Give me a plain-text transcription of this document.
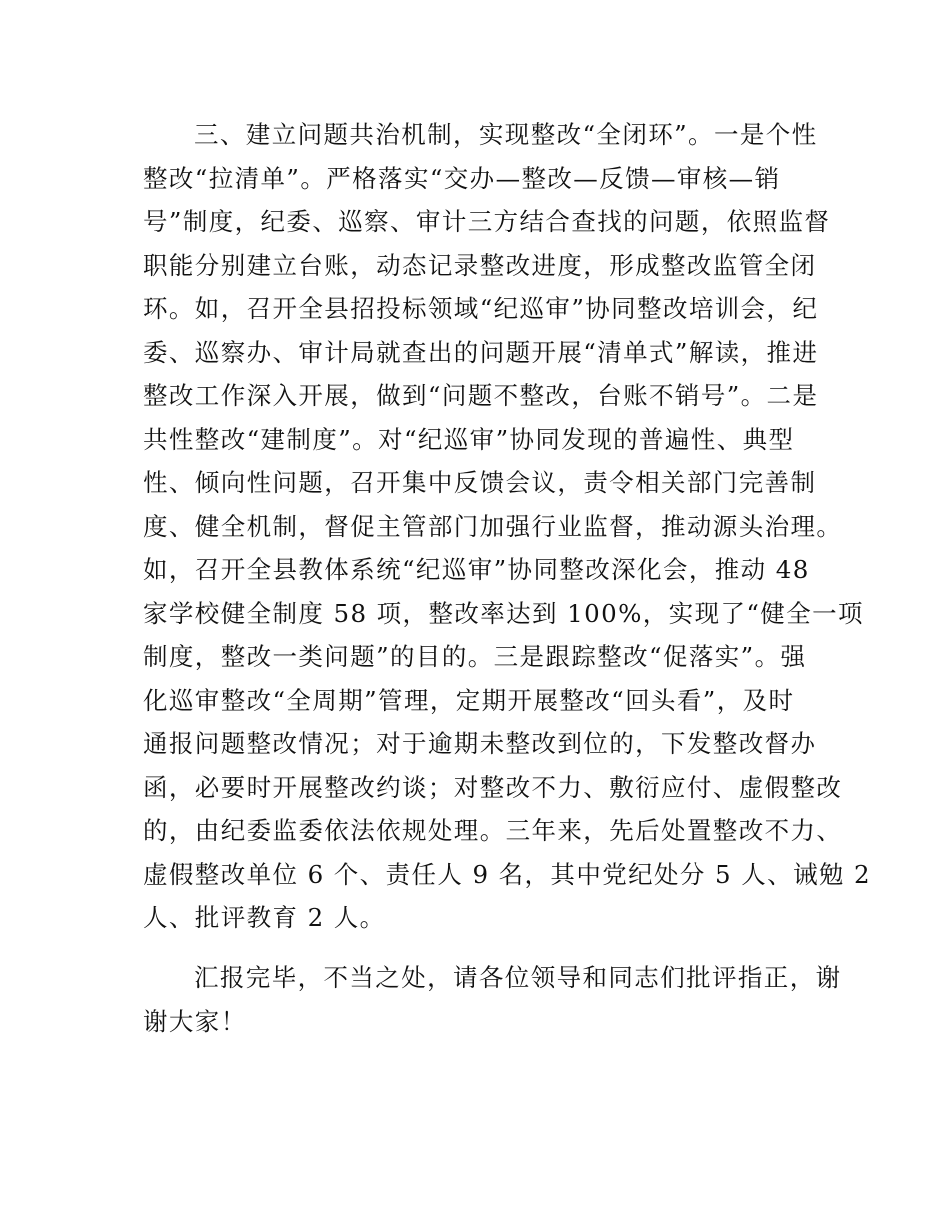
三、建立问题共治机制，实现整改“全闭环”。一是个性
整改“拉清单”。严格落实“交办—整改—反馈—审核—销
号”制度，纪委、巡察、审计三方结合查找的问题，依照监督
职能分别建立台账，动态记录整改进度，形成整改监管全闭
环。如，召开全县招投标领域“纪巡审”协同整改培训会，纪
委、巡察办、审计局就查出的问题开展“清单式”解读，推进
整改工作深入开展，做到“问题不整改，台账不销号”。二是
共性整改“建制度”。对“纪巡审”协同发现的普遍性、典型
性、倾向性问题，召开集中反馈会议，责令相关部门完善制
度、健全机制，督促主管部门加强行业监督，推动源头治理。
如，召开全县教体系统“纪巡审”协同整改深化会，推动 48
家学校健全制度 58 项，整改率达到 100%，实现了“健全一项
制度，整改一类问题”的目的。三是跟踪整改“促落实”。强
化巡审整改“全周期”管理，定期开展整改“回头看”，及时
通报问题整改情况；对于逾期未整改到位的，下发整改督办
函，必要时开展整改约谈；对整改不力、敷衍应付、虚假整改
的，由纪委监委依法依规处理。三年来，先后处置整改不力、
虚假整改单位 6 个、责任人 9 名，其中党纪处分 5 人、诫勉 2
人、批评教育 2 人。
汇报完毕，不当之处，请各位领导和同志们批评指正，谢
谢大家！
